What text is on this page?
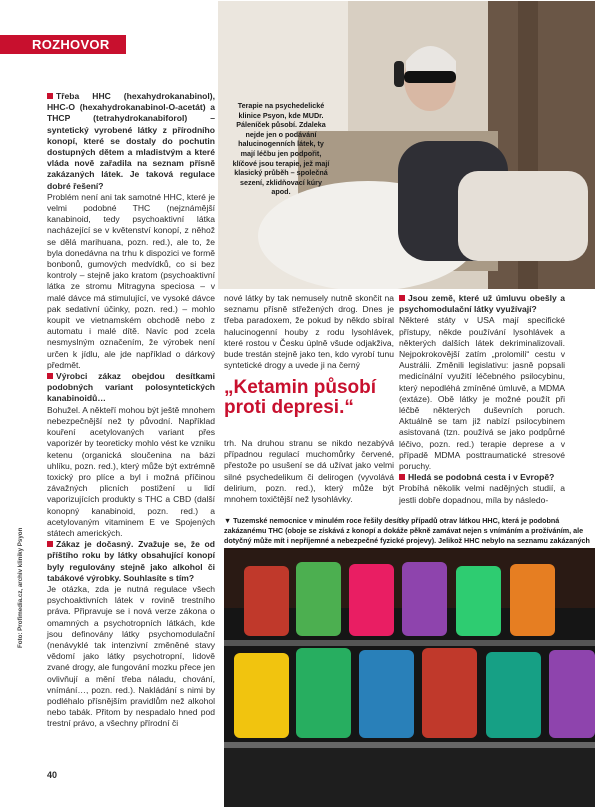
ROZHOVOR
Terapie na psychedelické klinice Psyon, kde MUDr. Páleníček působí. Zdaleka nejde jen o podávání halucinogenních látek, ty mají léčbu jen podpořit, klíčové jsou terapie, jež mají klasický průběh – společná sezení, zklidňovací kúry apod.

Třeba HHC (hexahydrokanabinol), HHC-O (hexahydrokanabinol-O-acetát) a THCP (tetrahydrokanabiforol) – syntetický vyrobené látky z přírodního konopí, které se dostaly do pochutin dostupných dětem a mladistvým a které vláda nově zařadila na seznam přísně zakázaných látek. Je taková regulace dobré řešení?

Problém není ani tak samotné HHC, které je velmi podobné THC (nejznámější kanabinoid, tedy psychoaktivní látka nacházející se v květenství konopí, z něhož se dělá marihuana, pozn. red.), ale to, že byla donedávna na trhu k dispozici ve formě bonbonů, gumových medvídků, co si bez kontroly – stejně jako kratom (psychoaktivní látka ze stromu Mitragyna speciosa – v malé dávce má stimulující, ve vysoké dávce pak sedativní účinky, pozn. red.) – mohlo koupit ve vietnamském obchodě nebo z automatu i malé dítě. Navíc pod zcela nesmyslným označením, že výrobek není určen k jídlu, ale jde například o dárkový předmět.

Výrobci zákaz obejdou desítkami podobných variant polosyntetických kanabinoidů…

Bohužel. A někteří mohou být ještě mnohem nebezpečnější než ty původní. Například kouření acetylovaných variant přes vaporizér by teoreticky mohlo vést ke vzniku ketenu (organická sloučenina na bázi uhlíku, pozn. red.), který může být extrémně toxický pro plíce a byl i možná příčinou závažných plicních postižení u lidí vaporizujících produkty s THC a CBD (další konopný kanabinoid, pozn. red.) a acetylovaným vitaminem E ve Spojených státech amerických.

Zákaz je dočasný. Zvažuje se, že od příštího roku by látky obsahující konopí byly regulovány stejně jako alkohol či tabákové výrobky. Souhlasíte s tím?

Je otázka, zda je nutná regulace všech psychoaktivních látek v rovině trestního práva. Připravuje se i nová verze zákona o omamných a psychotropních látkách, kde jsou definovány látky psychomodulační (nenávyklé tak intenzivní změněné stavy vědomí jako látky psychotropní, lidově zvané drogy, ale fungování mozku přece jen ovlivňují a mění třeba náladu, chování, vnímání…, pozn. red.). Nakládání s nimi by podléhalo přísnějším pravidlům než alkohol nebo tabák. Přitom by nespadalo hned pod trestní právo, a všechny přírodní či

nové látky by tak nemusely nutně skončit na seznamu přísně střežených drog. Dnes je třeba paradoxem, že pokud by někdo sbíral halucinogenní houby z rodu lysohlávek, které rostou v Česku úplně všude odjakživa, bude trestán stejně jako ten, kdo vyrobí tunu syntetické drogy a uvede ji na černý

„Ketamin působí proti depresi.“

trh. Na druhou stranu se nikdo nezabývá případnou regulací muchomůrky červené, přestože po usušení se dá užívat jako velmi silné psychedelikum či delirogen (vyvolává delirium, pozn. red.), který může být mnohem toxičtější než lysohlávky.

Jsou země, které už úmluvu obešly a psychomodulační látky využívají?

Některé státy v USA mají specifické přístupy, někde používání lysohlávek a některých dalších látek dekriminalizovali. Nejpokrokovější zatím „prolomili“ cestu v Austrálii. Změnili legislativu: jasně popsali medicínální využití léčebného psilocybinu, který nepodléhá zmíněné úmluvě, a MDMA (extáze). Obě látky je možné použít při léčbě některých duševních poruch. Aktuálně se tam již nabízí psilocybinem asistovaná (tzn. používá se jako podpůrné léčivo, pozn. red.) terapie deprese a v případě MDMA posttraumatické stresové poruchy.

Hledá se podobná cesta i v Evropě?

Probíhá několik velmi nadějných studií, a jestli dobře dopadnou, mílа by následо-

▼ Tuzemské nemocnice v minulém roce řešily desítky případů otrav látkou HHC, která je podobná zakázanému THC (oboje se získává z konopí a dokáže pěkně zamávat nejen s vnímáním a prožíváním, ale dotyčný může mít i nepříjemné a nebezpečné fyzické projevy). Jelikož HHC nebylo na seznamu zakázaných
Foto: Profimedia.cz, archiv kliniky Psyon
40
